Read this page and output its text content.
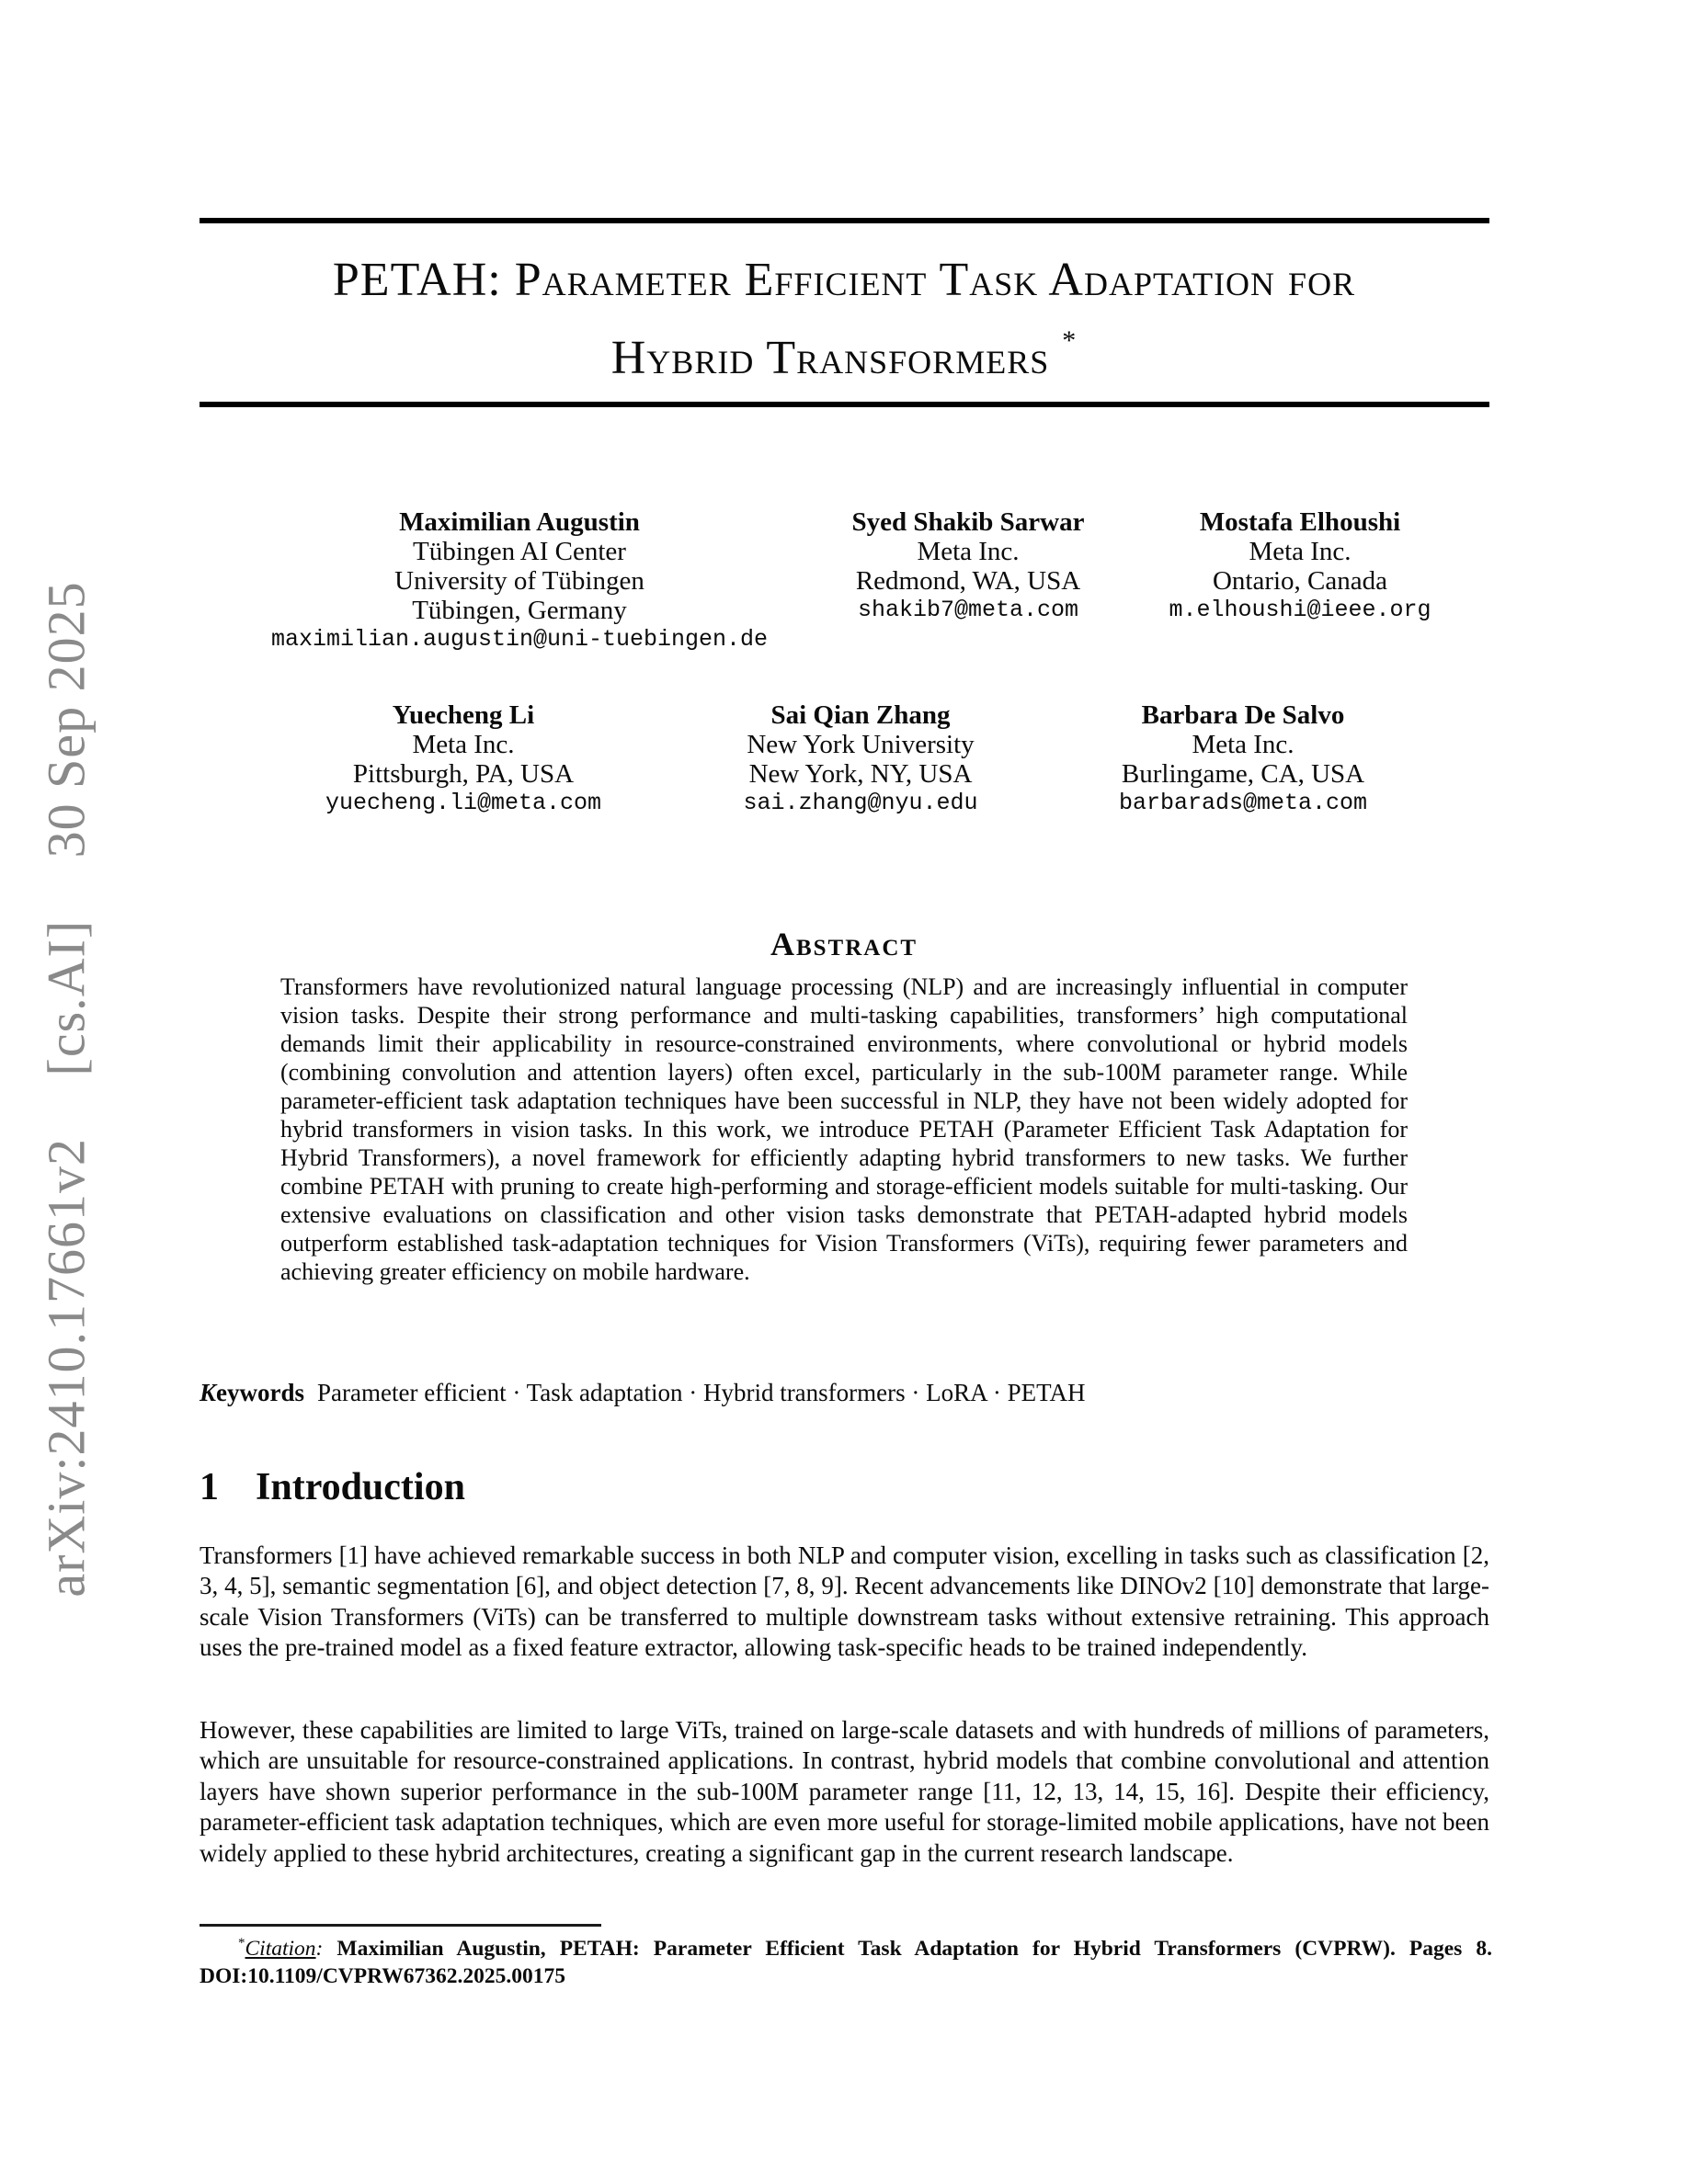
PETAH: Parameter Efficient Task Adaptation for
Hybrid Transformers *
Maximilian Augustin
Tübingen AI Center
University of Tübingen
Tübingen, Germany
maximilian.augustin@uni-tuebingen.de
Syed Shakib Sarwar
Meta Inc.
Redmond, WA, USA
shakib7@meta.com
Mostafa Elhoushi
Meta Inc.
Ontario, Canada
m.elhoushi@ieee.org
Yuecheng Li
Meta Inc.
Pittsburgh, PA, USA
yuecheng.li@meta.com
Sai Qian Zhang
New York University
New York, NY, USA
sai.zhang@nyu.edu
Barbara De Salvo
Meta Inc.
Burlingame, CA, USA
barbarads@meta.com
Abstract
Transformers have revolutionized natural language processing (NLP) and are increasingly influential in computer vision tasks. Despite their strong performance and multi-tasking capabilities, transformers’ high computational demands limit their applicability in resource-constrained environments, where convolutional or hybrid models (combining convolution and attention layers) often excel, particularly in the sub-100M parameter range. While parameter-efficient task adaptation techniques have been successful in NLP, they have not been widely adopted for hybrid transformers in vision tasks. In this work, we introduce PETAH (Parameter Efficient Task Adaptation for Hybrid Transformers), a novel framework for efficiently adapting hybrid transformers to new tasks. We further combine PETAH with pruning to create high-performing and storage-efficient models suitable for multi-tasking. Our extensive evaluations on classification and other vision tasks demonstrate that PETAH-adapted hybrid models outperform established task-adaptation techniques for Vision Transformers (ViTs), requiring fewer parameters and achieving greater efficiency on mobile hardware.
Keywords Parameter efficient · Task adaptation · Hybrid transformers · LoRA · PETAH
1 Introduction
Transformers [1] have achieved remarkable success in both NLP and computer vision, excelling in tasks such as classification [2, 3, 4, 5], semantic segmentation [6], and object detection [7, 8, 9]. Recent advancements like DINOv2 [10] demonstrate that large-scale Vision Transformers (ViTs) can be transferred to multiple downstream tasks without extensive retraining. This approach uses the pre-trained model as a fixed feature extractor, allowing task-specific heads to be trained independently.
However, these capabilities are limited to large ViTs, trained on large-scale datasets and with hundreds of millions of parameters, which are unsuitable for resource-constrained applications. In contrast, hybrid models that combine convolutional and attention layers have shown superior performance in the sub-100M parameter range [11, 12, 13, 14, 15, 16]. Despite their efficiency, parameter-efficient task adaptation techniques, which are even more useful for storage-limited mobile applications, have not been widely applied to these hybrid architectures, creating a significant gap in the current research landscape.
*Citation: Maximilian Augustin, PETAH: Parameter Efficient Task Adaptation for Hybrid Transformers (CVPRW). Pages 8. DOI:10.1109/CVPRW67362.2025.00175
arXiv:2410.17661v2 [cs.AI] 30 Sep 2025
